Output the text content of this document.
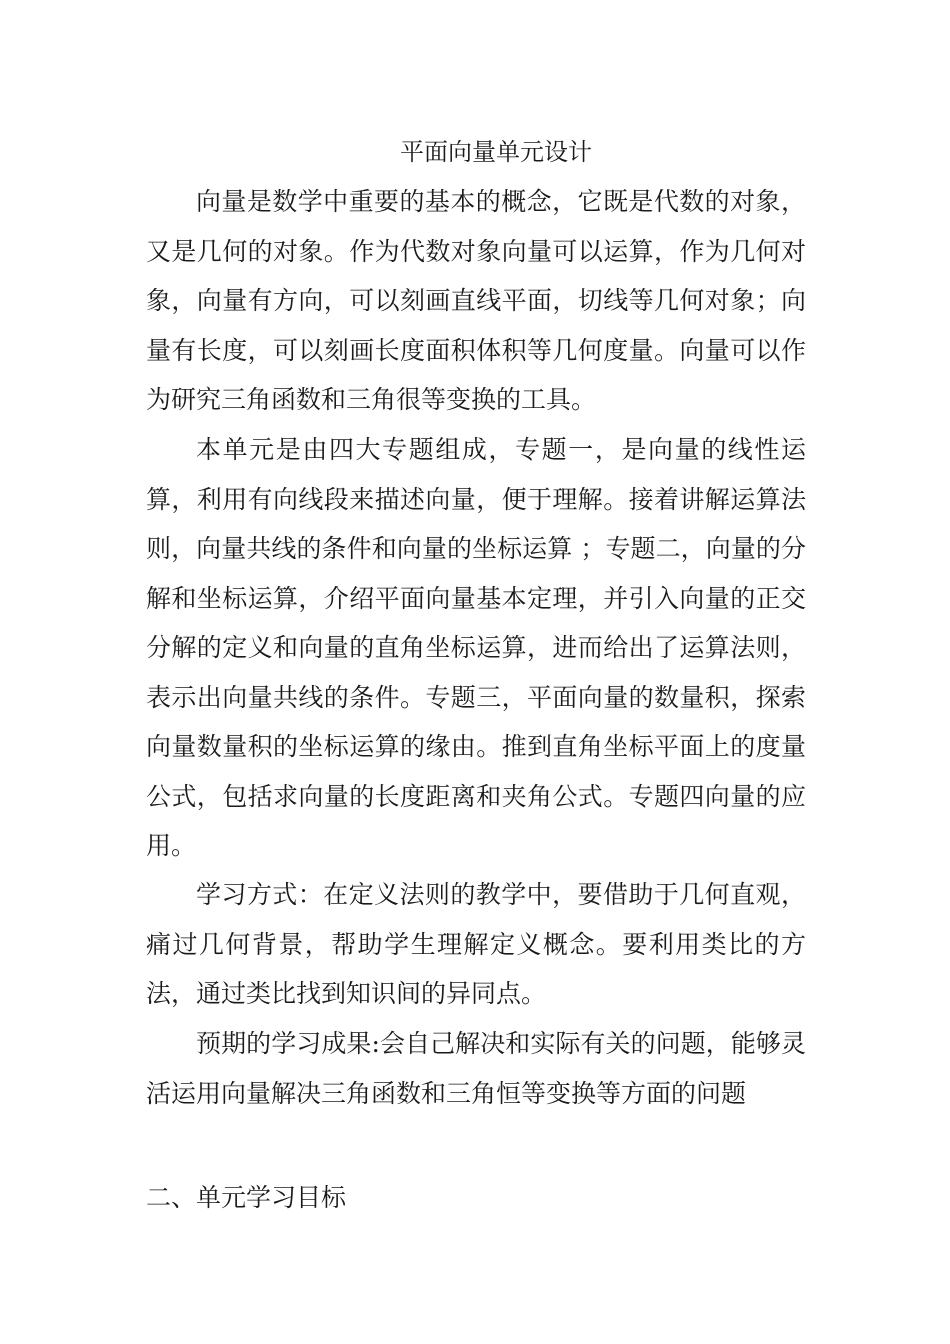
平面向量单元设计

向量是数学中重要的基本的概念，它既是代数的对象，又是几何的对象。作为代数对象向量可以运算，作为几何对象，向量有方向，可以刻画直线平面，切线等几何对象；向量有长度，可以刻画长度面积体积等几何度量。向量可以作为研究三角函数和三角很等变换的工具。

本单元是由四大专题组成，专题一，是向量的线性运算，利用有向线段来描述向量，便于理解。接着讲解运算法则，向量共线的条件和向量的坐标运算 ；专题二，向量的分解和坐标运算，介绍平面向量基本定理，并引入向量的正交分解的定义和向量的直角坐标运算，进而给出了运算法则，表示出向量共线的条件。专题三，平面向量的数量积，探索向量数量积的坐标运算的缘由。推到直角坐标平面上的度量公式，包括求向量的长度距离和夹角公式。专题四向量的应用。

学习方式：在定义法则的教学中，要借助于几何直观，痛过几何背景，帮助学生理解定义概念。要利用类比的方法，通过类比找到知识间的异同点。

预期的学习成果:会自己解决和实际有关的问题，能够灵活运用向量解决三角函数和三角恒等变换等方面的问题

二、单元学习目标
